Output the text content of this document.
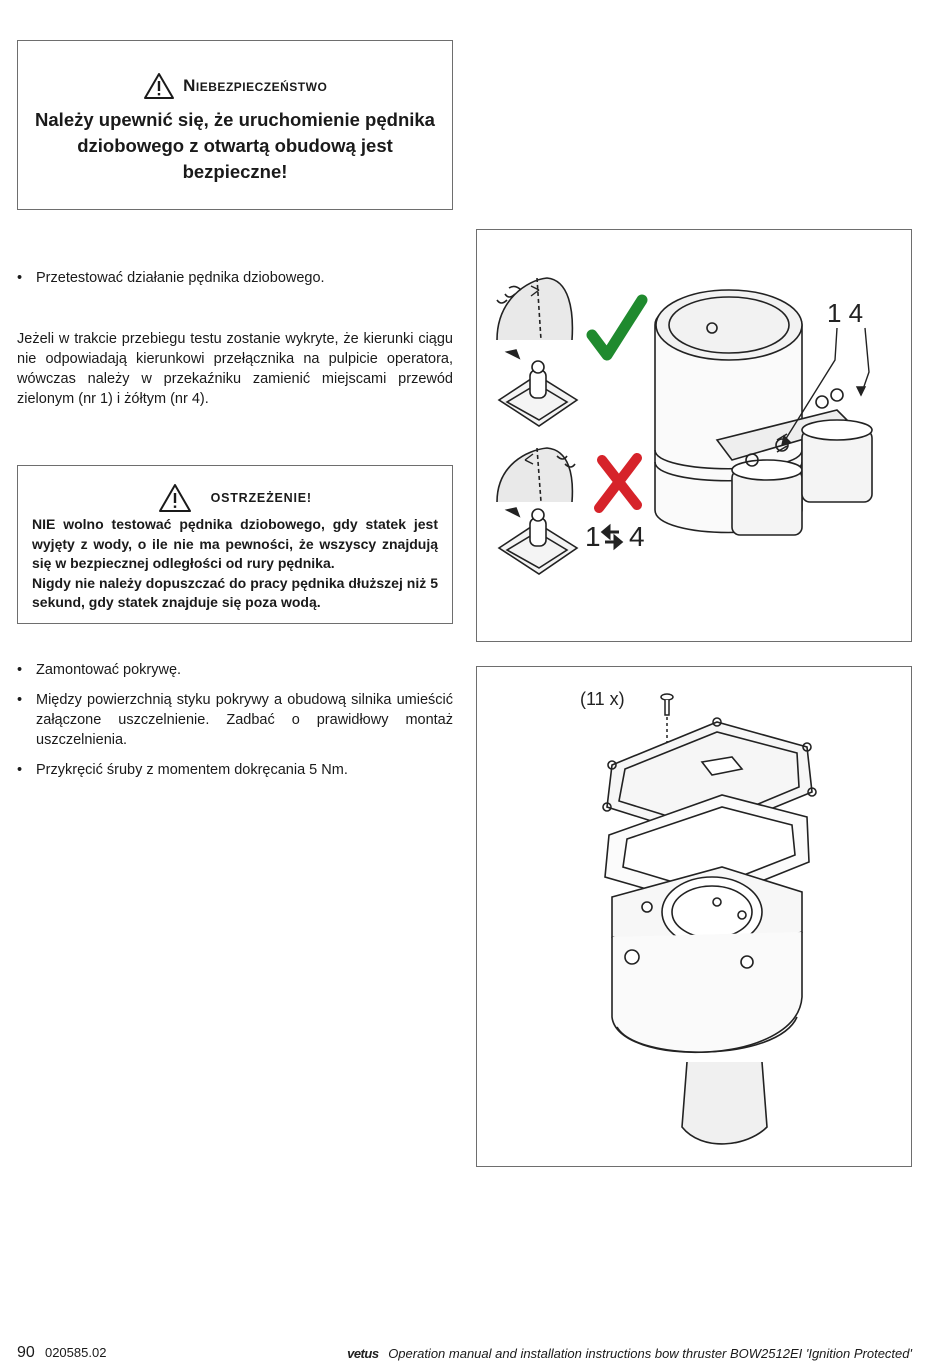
Niebezpieczeństwo
Należy upewnić się, że uruchomienie pędnika dziobowego z otwartą obudową jest bezpieczne!
• Przetestować działanie pędnika dziobowego.
Jeżeli w trakcie przebiegu testu zostanie wykryte, że kierunki ciągu nie odpowiadają kierunkowi przełącznika na pulpicie operatora, wówczas należy w przekaźniku zamienić miejscami przewód zielonym (nr 1) i żółtym (nr 4).
OSTRZEŻENIE!

NIE wolno testować pędnika dziobowego, gdy statek jest wyjęty z wody, o ile nie ma pewności, że wszyscy znajdują się w bezpiecznej odległości od rury pędnika.

Nigdy nie należy dopuszczać do pracy pędnika dłuższej niż 5 sekund, gdy statek znajduje się poza wodą.

1 4
1 4
• Zamontować pokrywę.
• Między powierzchnią styku pokrywy a obudową silnika umieścić załączone uszczelnienie. Zadbać o prawidłowy montaż uszczelnienia.
• Przykręcić śruby z momentem dokręcania 5 Nm.
(11 x)
90 020585.02	vetus Operation manual and installation instructions bow thruster BOW2512EI 'Ignition Protected'
